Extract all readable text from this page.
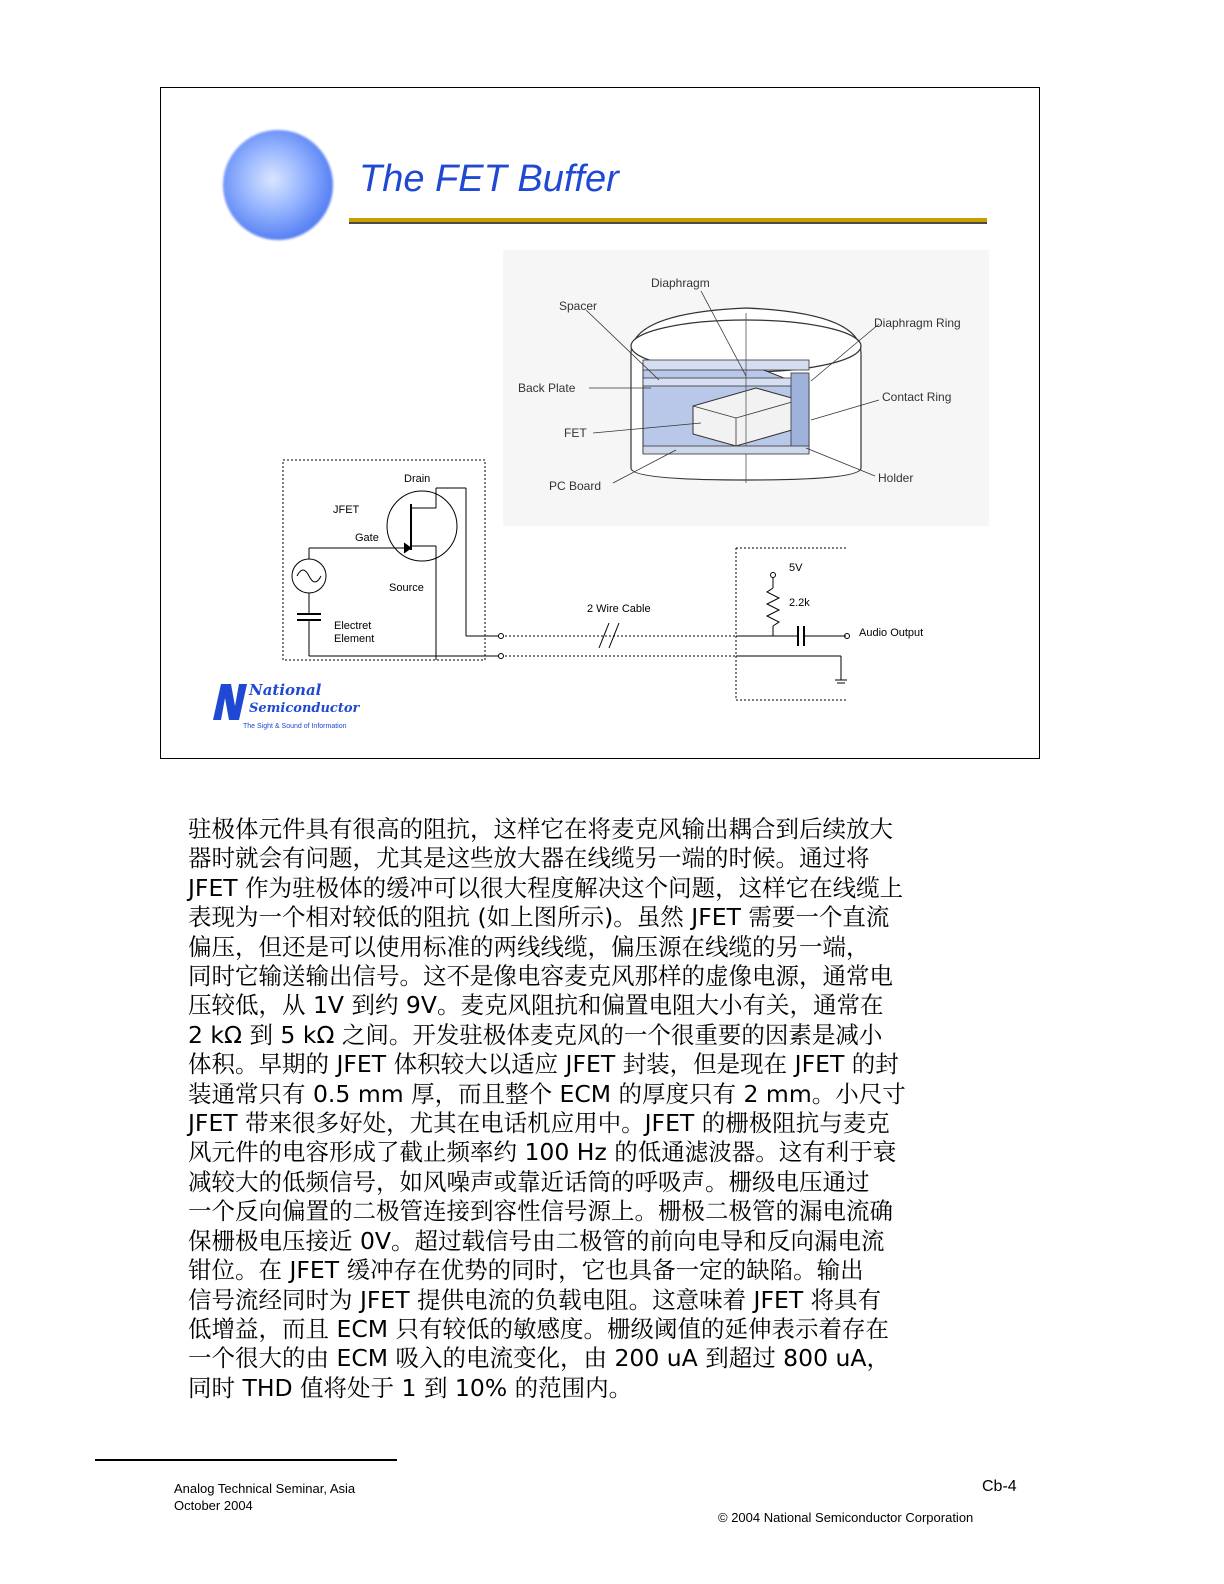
The FET Buffer
Diaphragm
Spacer
Diaphragm Ring
Back Plate
Contact Ring
FET
PC Board
Holder
Drain
JFET
Gate
Source
Electret
Element
2 Wire Cable
5V
2.2k
Audio Output
National
Semiconductor
The Sight & Sound of Information
驻极体元件具有很高的阻抗，这样它在将麦克风输出耦合到后续放大
器时就会有问题，尤其是这些放大器在线缆另一端的时候。通过将
JFET 作为驻极体的缓冲可以很大程度解决这个问题，这样它在线缆上
表现为一个相对较低的阻抗 (如上图所示)。虽然 JFET 需要一个直流
偏压，但还是可以使用标准的两线线缆，偏压源在线缆的另一端，
同时它输送输出信号。这不是像电容麦克风那样的虚像电源，通常电
压较低，从 1V 到约 9V。麦克风阻抗和偏置电阻大小有关，通常在
2 kΩ 到 5 kΩ 之间。开发驻极体麦克风的一个很重要的因素是减小
体积。早期的 JFET 体积较大以适应 JFET 封装，但是现在 JFET 的封
装通常只有 0.5 mm 厚，而且整个 ECM 的厚度只有 2 mm。小尺寸
JFET 带来很多好处，尤其在电话机应用中。JFET 的栅极阻抗与麦克
风元件的电容形成了截止频率约 100 Hz 的低通滤波器。这有利于衰
减较大的低频信号，如风噪声或靠近话筒的呼吸声。栅级电压通过
一个反向偏置的二极管连接到容性信号源上。栅极二极管的漏电流确
保栅极电压接近 0V。超过载信号由二极管的前向电导和反向漏电流
钳位。在 JFET 缓冲存在优势的同时，它也具备一定的缺陷。输出
信号流经同时为 JFET 提供电流的负载电阻。这意味着 JFET 将具有
低增益，而且 ECM 只有较低的敏感度。栅级阈值的延伸表示着存在
一个很大的由 ECM 吸入的电流变化，由 200 uA 到超过 800 uA，
同时 THD 值将处于 1 到 10% 的范围内。
Analog Technical Seminar, Asia
October 2004
Cb-4
© 2004 National Semiconductor Corporation
